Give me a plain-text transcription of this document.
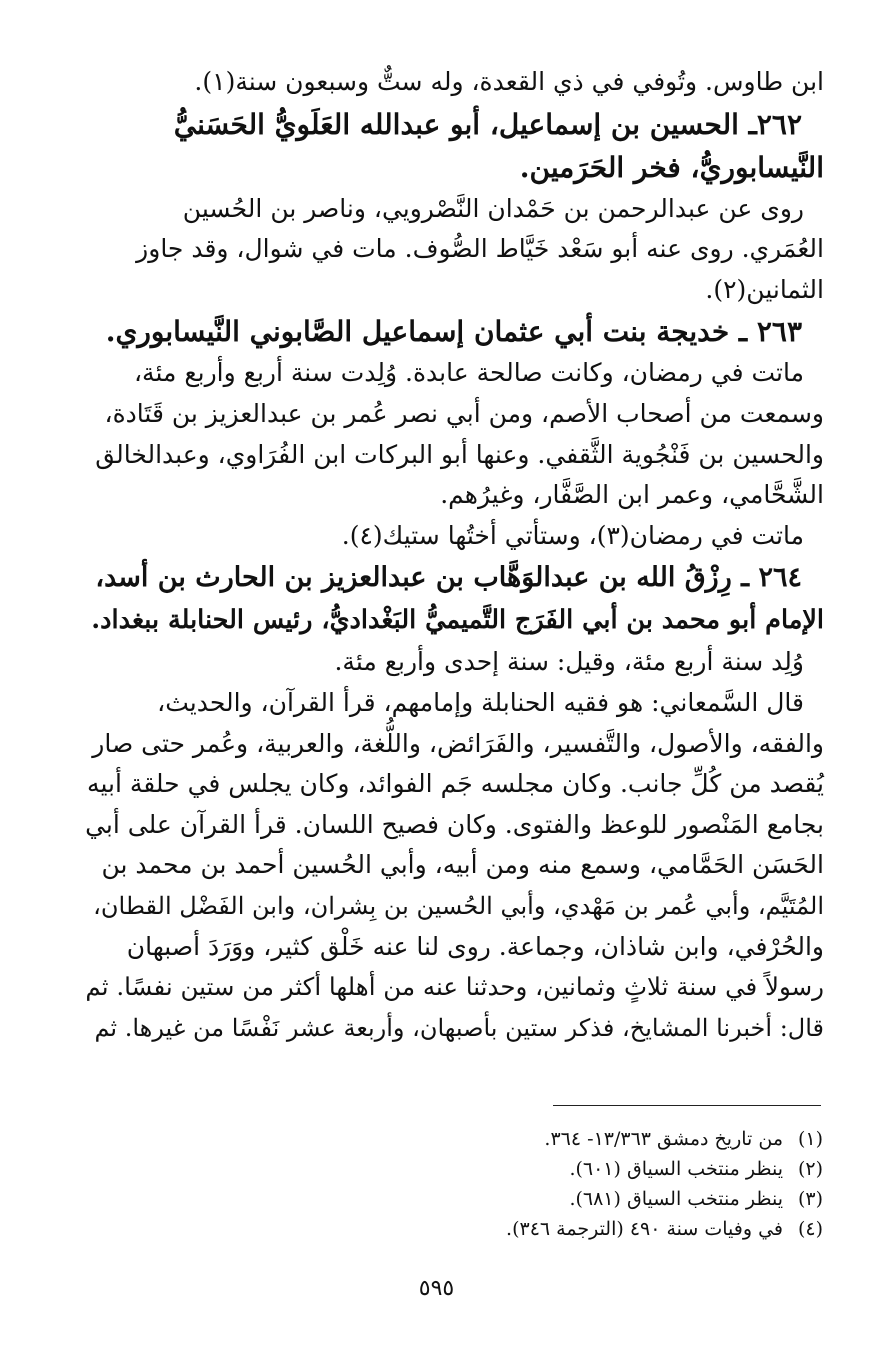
ابن طاوس. وتُوفي في ذي القعدة، وله ستٌّ وسبعون سنة(١).
٢٦٢ـ الحسين بن إسماعيل، أبو عبدالله العَلَويُّ الحَسَنيُّ
النَّيسابوريُّ، فخر الحَرَمين.
روى عن عبدالرحمن بن حَمْدان النَّصْرويي، وناصر بن الحُسين
العُمَري. روى عنه أبو سَعْد خَيَّاط الصُّوف. مات في شوال، وقد جاوز
الثمانين(٢).
٢٦٣ ـ خديجة بنت أبي عثمان إسماعيل الصَّابوني النَّيسابوري.
ماتت في رمضان، وكانت صالحة عابدة. وُلِدت سنة أربع وأربع مئة،
وسمعت من أصحاب الأصم، ومن أبي نصر عُمر بن عبدالعزيز بن قَتَادة،
والحسين بن فَنْجُوية الثَّقفي. وعنها أبو البركات ابن الفُرَاوي، وعبدالخالق
الشَّحَّامي، وعمر ابن الصَّفَّار، وغيرُهم.
ماتت في رمضان(٣)، وستأتي أختُها ستيك(٤).
٢٦٤ ـ رِزْقُ الله بن عبدالوَهَّاب بن عبدالعزيز بن الحارث بن أسد،
الإمام أبو محمد بن أبي الفَرَج التَّميميُّ البَغْداديُّ، رئيس الحنابلة ببغداد.
وُلِد سنة أربع مئة، وقيل: سنة إحدى وأربع مئة.
قال السَّمعاني: هو فقيه الحنابلة وإمامهم، قرأ القرآن، والحديث،
والفقه، والأصول، والتَّفسير، والفَرَائض، واللُّغة، والعربية، وعُمر حتى صار
يُقصد من كُلِّ جانب. وكان مجلسه جَم الفوائد، وكان يجلس في حلقة أبيه
بجامع المَنْصور للوعظ والفتوى. وكان فصيح اللسان. قرأ القرآن على أبي
الحَسَن الحَمَّامي، وسمع منه ومن أبيه، وأبي الحُسين أحمد بن محمد بن
المُتَيَّم، وأبي عُمر بن مَهْدي، وأبي الحُسين بن بِشران، وابن الفَضْل القطان،
والحُرْفي، وابن شاذان، وجماعة. روى لنا عنه خَلْق كثير، ووَرَدَ أصبهان
رسولاً في سنة ثلاثٍ وثمانين، وحدثنا عنه من أهلها أكثر من ستين نفسًا. ثم
قال: أخبرنا المشايخ، فذكر ستين بأصبهان، وأربعة عشر نَفْسًا من غيرها. ثم
(١)من تاريخ دمشق ١٣/٣٦٣- ٣٦٤.
(٢)ينظر منتخب السياق (٦٠١).
(٣)ينظر منتخب السياق (٦٨١).
(٤)في وفيات سنة ٤٩٠ (الترجمة ٣٤٦).
٥٩٥
